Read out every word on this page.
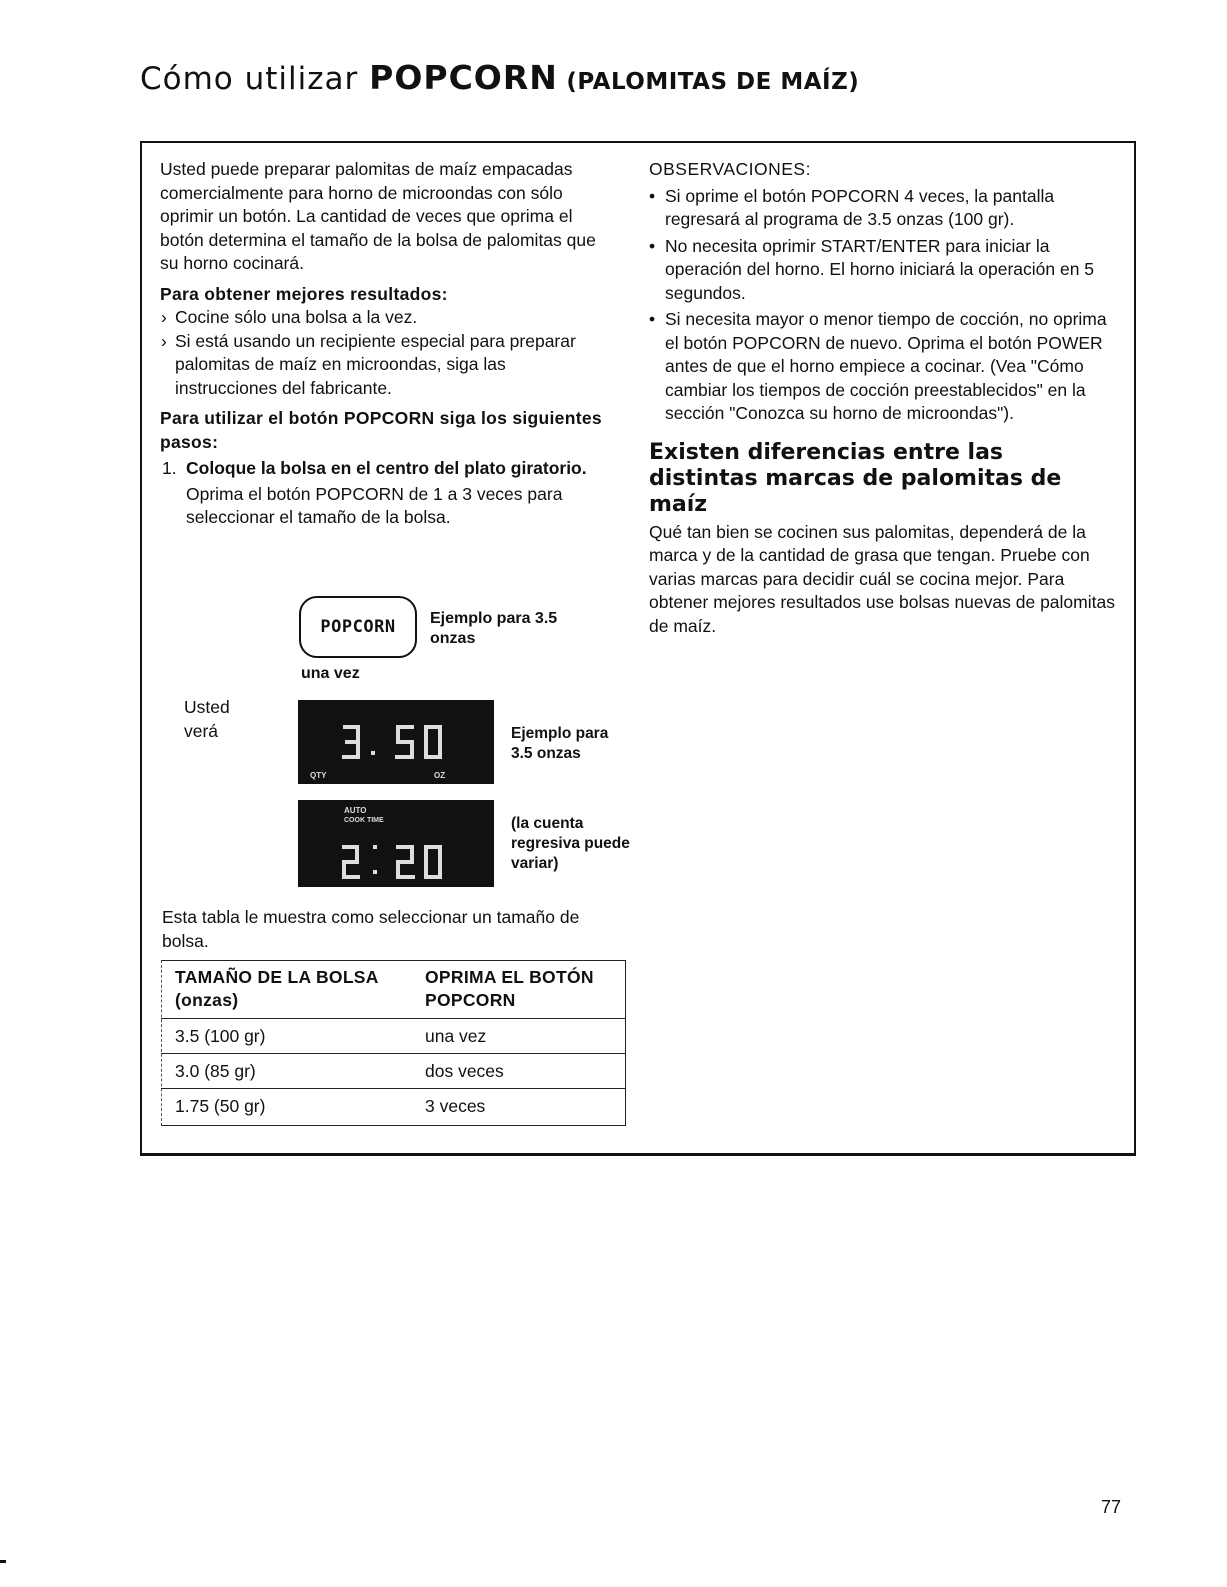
Cómo utilizar POPCORN (PALOMITAS DE MAÍZ)

Usted puede preparar palomitas de maíz empacadas comercialmente para horno de microondas con sólo oprimir un botón. La cantidad de veces que oprima el botón determina el tamaño de la bolsa de palomitas que su horno cocinará.

Para obtener mejores resultados:
› Cocine sólo una bolsa a la vez.
› Si está usando un recipiente especial para preparar palomitas de maíz en microondas, siga las instrucciones del fabricante.
Para utilizar el botón POPCORN siga los siguientes pasos:
1. Coloque la bolsa en el centro del plato giratorio.
Oprima el botón POPCORN de 1 a 3 veces para seleccionar el tamaño de la bolsa.
POPCORN
una vez
Ejemplo para 3.5 onzas
Usted verá
QTY	OZ
Ejemplo para 3.5 onzas
AUTO
COOK TIME	(la cuenta regresiva puede variar)
Esta tabla le muestra como seleccionar un tamaño de bolsa.
TAMAÑO DE LA BOLSA (onzas)	OPRIMA EL BOTÓN POPCORN
3.5 (100 gr)	una vez
3.0 (85 gr)	dos veces
1.75 (50 gr)	3 veces
OBSERVACIONES:
• Si oprime el botón POPCORN 4 veces, la pantalla regresará al programa de 3.5 onzas (100 gr).
• No necesita oprimir START/ENTER para iniciar la operación del horno. El horno iniciará la operación en 5 segundos.
• Si necesita mayor o menor tiempo de cocción, no oprima el botón POPCORN de nuevo. Oprima el botón POWER antes de que el horno empiece a cocinar. (Vea "Cómo cambiar los tiempos de cocción preestablecidos" en la sección "Conozca su horno de microondas").
Existen diferencias entre las distintas marcas de palomitas de maíz

Qué tan bien se cocinen sus palomitas, dependerá de la marca y de la cantidad de grasa que tengan. Pruebe con varias marcas para decidir cuál se cocina mejor. Para obtener mejores resultados use bolsas nuevas de palomitas de maíz.

77
